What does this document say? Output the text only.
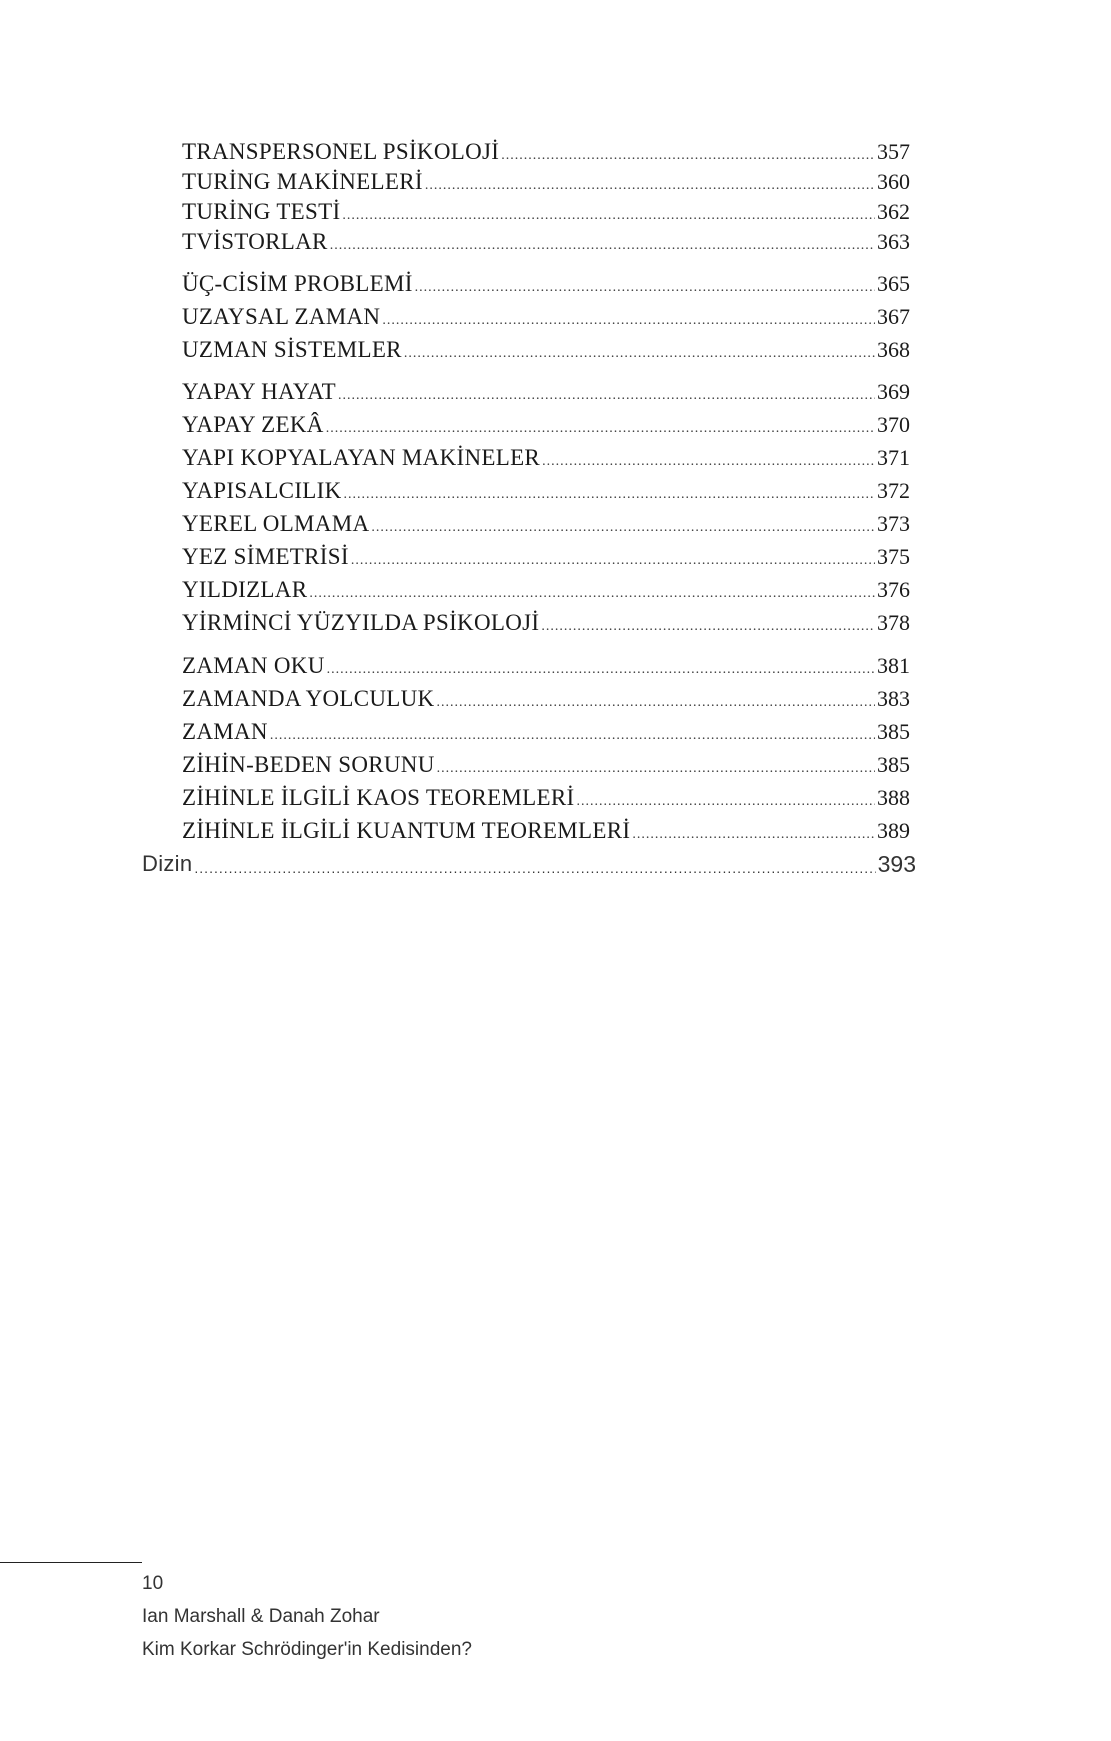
TRANSPERSONEL PSİKOLOJİ .....	357
TURİNG MAKİNELERİ .....	360
TURİNG TESTİ .....	362
TVİSTORLAR .....	363
ÜÇ-CİSİM PROBLEMİ .....	365
UZAYSAL ZAMAN .....	367
UZMAN SİSTEMLER .....	368
YAPAY HAYAT .....	369
YAPAY ZEKÂ .....	370
YAPI KOPYALAYAN MAKİNELER .....	371
YAPISALCILIK .....	372
YEREL OLMAMA .....	373
YEZ SİMETRİSİ .....	375
YILDIZLAR .....	376
YİRMİNCİ YÜZYILDA PSİKOLOJİ .....	378
ZAMAN OKU .....	381
ZAMANDA YOLCULUK .....	383
ZAMAN .....	385
ZİHİN-BEDEN SORUNU .....	385
ZİHİNLE İLGİLİ KAOS TEOREMLERİ .....	388
ZİHİNLE İLGİLİ KUANTUM TEOREMLERİ .....	389
Dizin .....	393
10
Ian Marshall & Danah Zohar
Kim Korkar Schrödinger'in Kedisinden?
